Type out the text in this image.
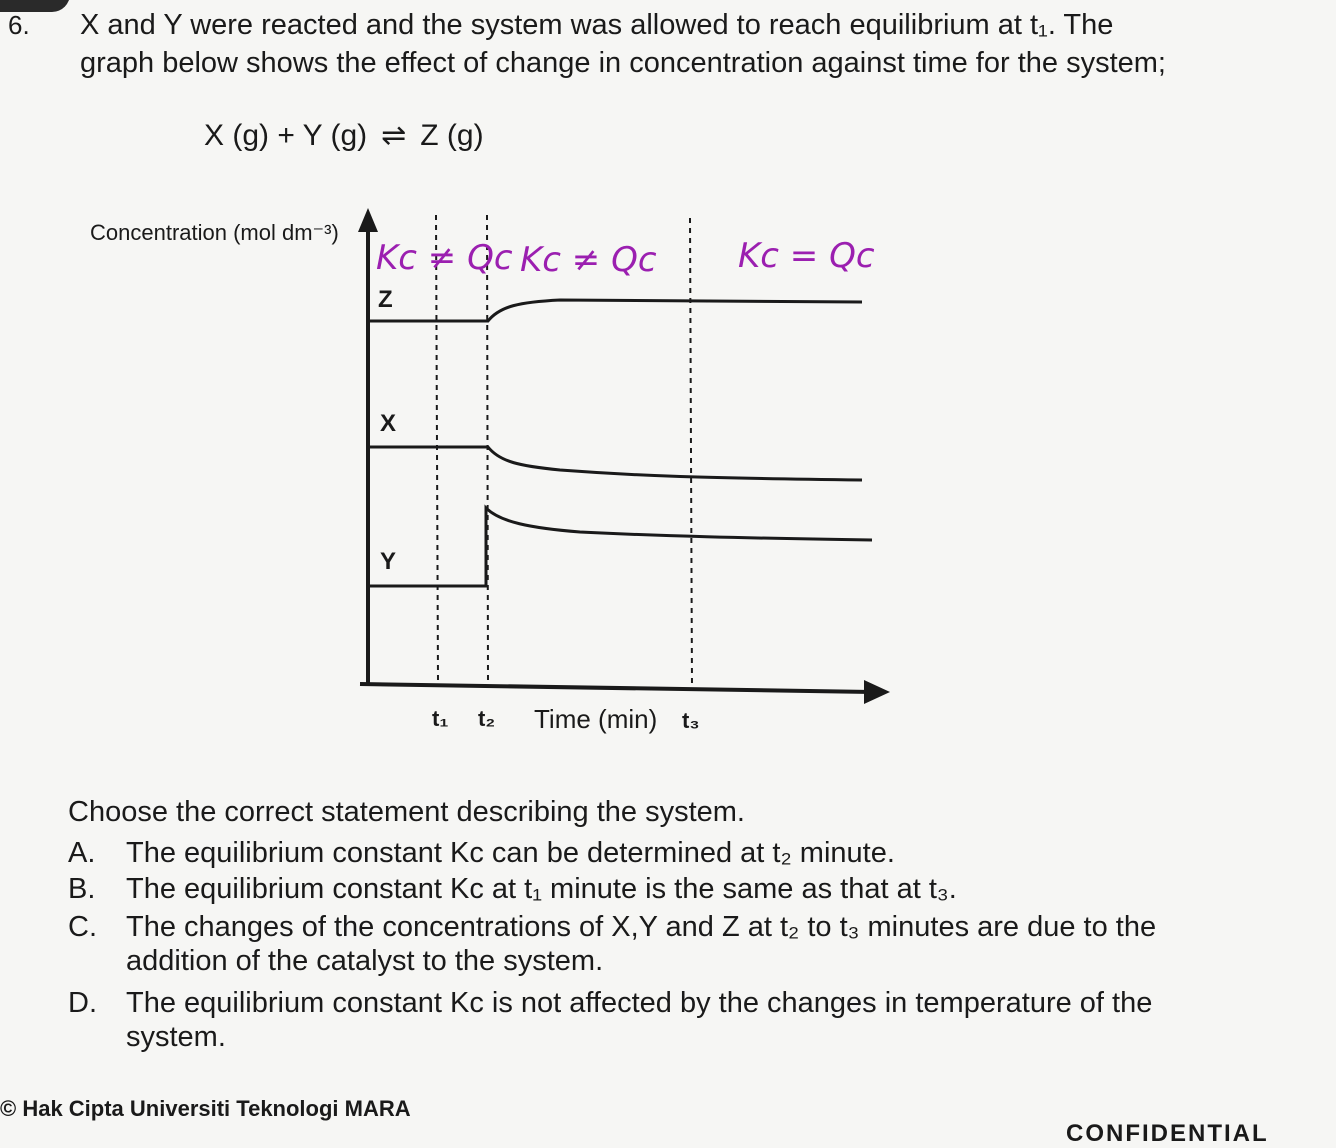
6. X and Y were reacted and the system was allowed to reach equilibrium at t₁. The
graph below shows the effect of change in concentration against time for the system;
X (g) + Y (g) ⇌ Z (g)
Concentration (mol dm⁻³)
Z
X
Y
t₁ t₂ Time (min) t₃
Kc ≠ Qc Kc ≠ Qc Kc = Qc
Choose the correct statement describing the system.
A.	The equilibrium constant Kc can be determined at t₂ minute.
B.	The equilibrium constant Kc at t₁ minute is the same as that at t₃.
C.	The changes of the concentrations of X,Y and Z at t₂ to t₃ minutes are due to the addition of the catalyst to the system.
D.	The equilibrium constant Kc is not affected by the changes in temperature of the system.
© Hak Cipta Universiti Teknologi MARA
CONFIDENTIAL
